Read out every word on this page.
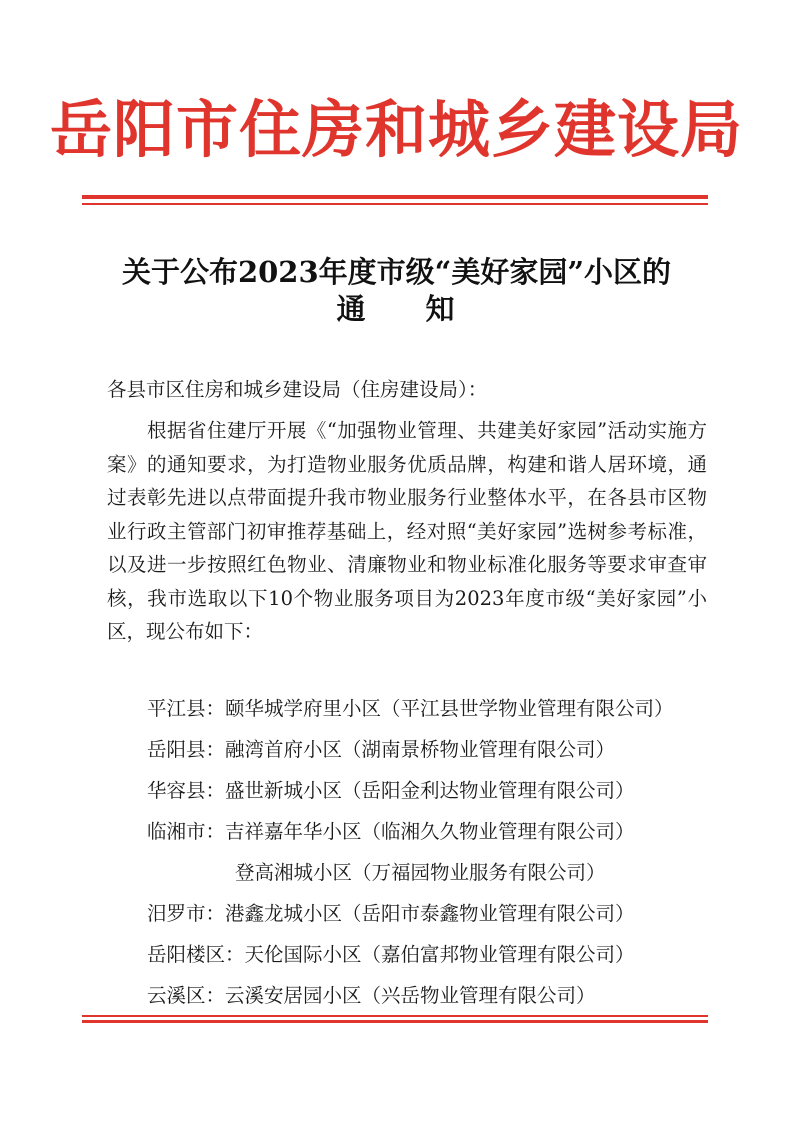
岳阳市住房和城乡建设局
关于公布2023年度市级“美好家园”小区的
通 知
各县市区住房和城乡建设局（住房建设局）：
根据省住建厅开展《“加强物业管理、共建美好家园”活动实施方案》的通知要求，为打造物业服务优质品牌，构建和谐人居环境，通过表彰先进以点带面提升我市物业服务行业整体水平，在各县市区物业行政主管部门初审推荐基础上，经对照“美好家园”选树参考标准，以及进一步按照红色物业、清廉物业和物业标准化服务等要求审查审核，我市选取以下10个物业服务项目为2023年度市级“美好家园”小区，现公布如下：
平江县：颐华城学府里小区（平江县世学物业管理有限公司）
岳阳县：融湾首府小区（湖南景桥物业管理有限公司）
华容县：盛世新城小区（岳阳金利达物业管理有限公司）
临湘市：吉祥嘉年华小区（临湘久久物业管理有限公司）
登高湘城小区（万福园物业服务有限公司）
汨罗市：港鑫龙城小区（岳阳市泰鑫物业管理有限公司）
岳阳楼区：天伦国际小区（嘉伯富邦物业管理有限公司）
云溪区：云溪安居园小区（兴岳物业管理有限公司）
